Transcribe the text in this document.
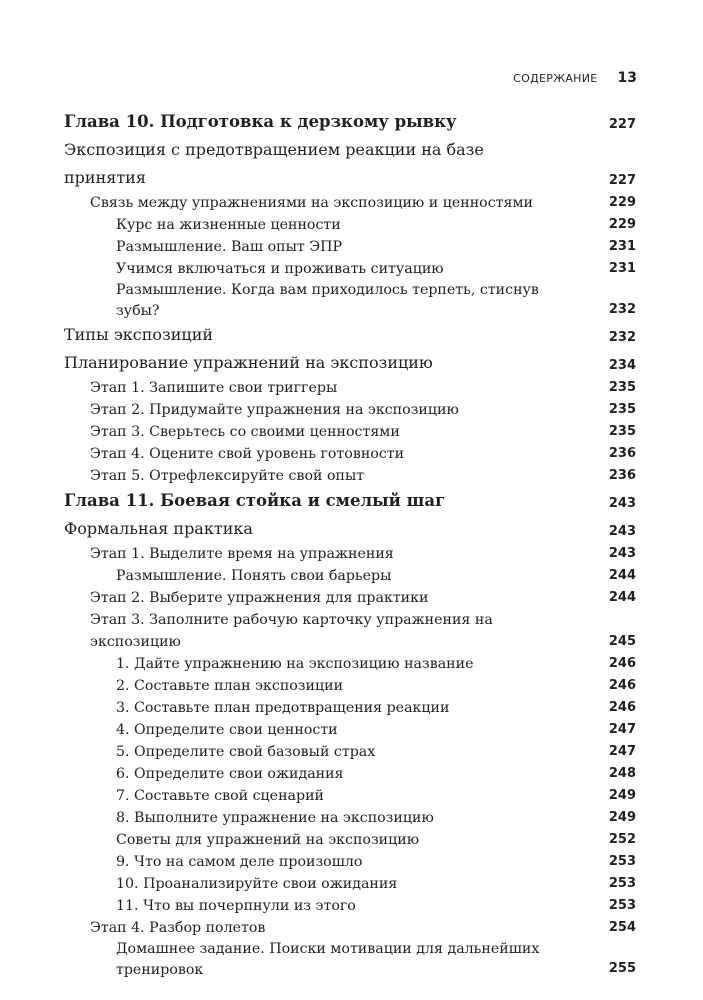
СОДЕРЖАНИЕ 13
Глава 10. Подготовка к дерзкому рывку	227
Экспозиция с предотвращением реакции на базе принятия	227
Связь между упражнениями на экспозицию и ценностями	229
Курс на жизненные ценности	229
Размышление. Ваш опыт ЭПР	231
Учимся включаться и проживать ситуацию	231
Размышление. Когда вам приходилось терпеть, стиснув зубы?	232
Типы экспозиций	232
Планирование упражнений на экспозицию	234
Этап 1. Запишите свои триггеры	235
Этап 2. Придумайте упражнения на экспозицию	235
Этап 3. Сверьтесь со своими ценностями	235
Этап 4. Оцените свой уровень готовности	236
Этап 5. Отрефлексируйте свой опыт	236
Глава 11. Боевая стойка и смелый шаг	243
Формальная практика	243
Этап 1. Выделите время на упражнения	243
Размышление. Понять свои барьеры	244
Этап 2. Выберите упражнения для практики	244
Этап 3. Заполните рабочую карточку упражнения на экспозицию	245
1. Дайте упражнению на экспозицию название	246
2. Составьте план экспозиции	246
3. Составьте план предотвращения реакции	246
4. Определите свои ценности	247
5. Определите свой базовый страх	247
6. Определите свои ожидания	248
7. Составьте свой сценарий	249
8. Выполните упражнение на экспозицию	249
Советы для упражнений на экспозицию	252
9. Что на самом деле произошло	253
10. Проанализируйте свои ожидания	253
11. Что вы почерпнули из этого	253
Этап 4. Разбор полетов	254
Домашнее задание. Поиски мотивации для дальнейших тренировок	255
